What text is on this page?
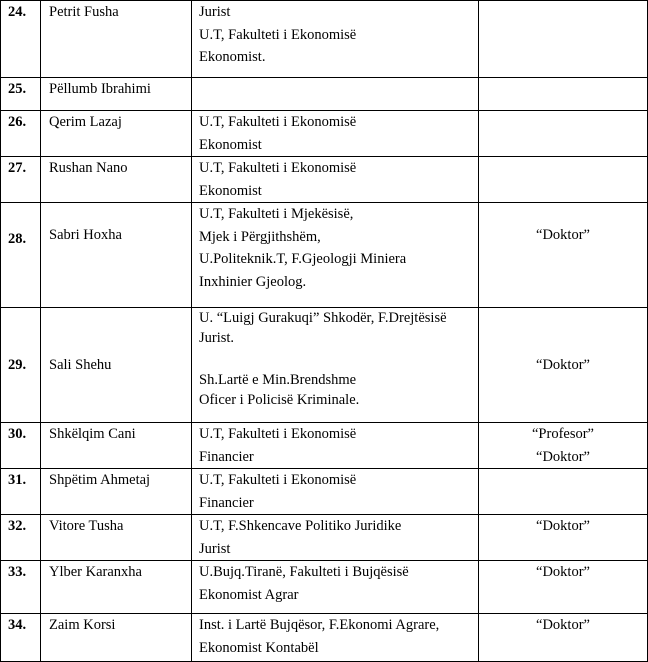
24.	Petrit Fusha	Jurist
U.T, Fakulteti i Ekonomisë
Ekonomist.	

25.	Pëllumb Ibrahimi		

26.	Qerim Lazaj	U.T, Fakulteti i Ekonomisë
Ekonomist	

27.	Rushan Nano	U.T, Fakulteti i Ekonomisë
Ekonomist	

28.	Sabri Hoxha	U.T, Fakulteti i Mjekësisë,
Mjek i Përgjithshëm,
U.Politeknik.T, F.Gjeologji Miniera
Inxhinier Gjeolog.	“Doktor”

29.	Sali Shehu	U. “Luigj Gurakuqi” Shkodër, F.Drejtësisë
Jurist.
Sh.Lartë e Min.Brendshme
Oficer i Policisë Kriminale.	“Doktor”

30.	Shkëlqim Cani	U.T, Fakulteti i Ekonomisë
Financier	“Profesor”
“Doktor”

31.	Shpëtim Ahmetaj	U.T, Fakulteti i Ekonomisë
Financier	

32.	Vitore Tusha	U.T, F.Shkencave Politiko Juridike
Jurist	“Doktor”

33.	Ylber Karanxha	U.Bujq.Tiranë, Fakulteti i Bujqësisë
Ekonomist Agrar	“Doktor”

34.	Zaim Korsi	Inst. i Lartë Bujqësor, F.Ekonomi Agrare,
Ekonomist Kontabël	“Doktor”
